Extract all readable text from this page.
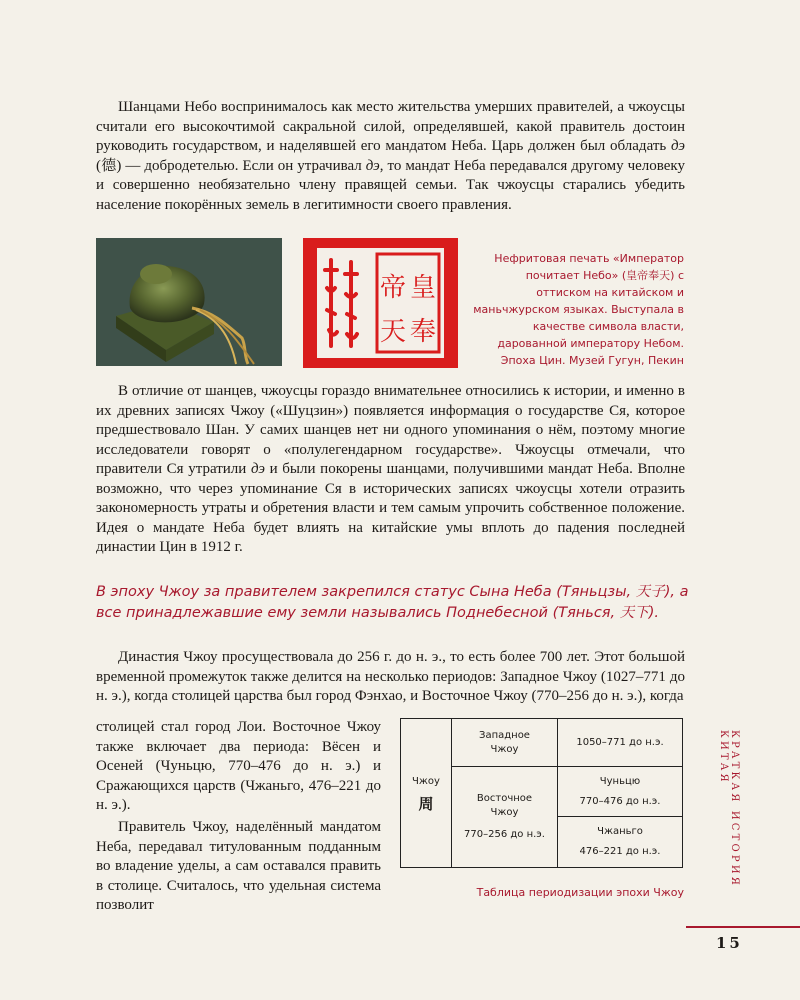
Шанцами Небо воспринималось как место жительства умерших правителей, а чжоусцы считали его высокочтимой сакральной силой, определявшей, какой правитель достоин руководить государством, и наделявшей его мандатом Неба. Царь должен был обладать дэ (德) — добродетелью. Если он утрачивал дэ, то мандат Неба передавался другому человеку и совершенно необязательно члену правящей семьи. Так чжоусцы старались убедить население покорённых земель в легитимности своего правления.

帝 皇
天 奉

Нефритовая печать «Император почитает Небо» (皇帝奉天) с оттиском на китайском и маньчжурском языках. Выступала в качестве символа власти, дарованной императору Небом. Эпоха Цин. Музей Гугун, Пекин

В отличие от шанцев, чжоусцы гораздо внимательнее относились к истории, и именно в их древних записях Чжоу («Шуцзин») появляется информация о государстве Ся, которое предшествовало Шан. У самих шанцев нет ни одного упоминания о нём, поэтому многие исследователи говорят о «полулегендарном государстве». Чжоусцы отмечали, что правители Ся утратили дэ и были покорены шанцами, получившими мандат Неба. Вполне возможно, что через упоминание Ся в исторических записях чжоусцы хотели отразить закономерность утраты и обретения власти и тем самым упрочить собственное положение. Идея о мандате Неба будет влиять на китайские умы вплоть до падения последней династии Цин в 1912 г.

В эпоху Чжоу за правителем закрепился статус Сына Неба (Тяньцзы, 天子), а все принадлежавшие ему земли назывались Поднебесной (Тянься, 天下).

Династия Чжоу просуществовала до 256 г. до н. э., то есть более 700 лет. Этот большой временной промежуток также делится на несколько периодов: Западное Чжоу (1027–771 до н. э.), когда столицей царства был город Фэнхао, и Восточное Чжоу (770–256 до н. э.), когда

столицей стал город Лои. Восточное Чжоу также включает два периода: Вёсен и Осеней (Чуньцю, 770–476 до н. э.) и Сражающихся царств (Чжаньго, 476–221 до н. э.).

Правитель Чжоу, наделённый мандатом Неба, передавал титулованным подданным во владение уделы, а сам оставался править в столице. Считалось, что удельная система позволит

Чжоу
周
Западное Чжоу
1050–771 до н.э.
Восточное Чжоу
770–256 до н.э.
Чуньцю
770–476 до н.э.
Чжаньго
476–221 до н.э.

Таблица периодизации эпохи Чжоу

КРАТКАЯ ИСТОРИЯ КИТАЯ
15
